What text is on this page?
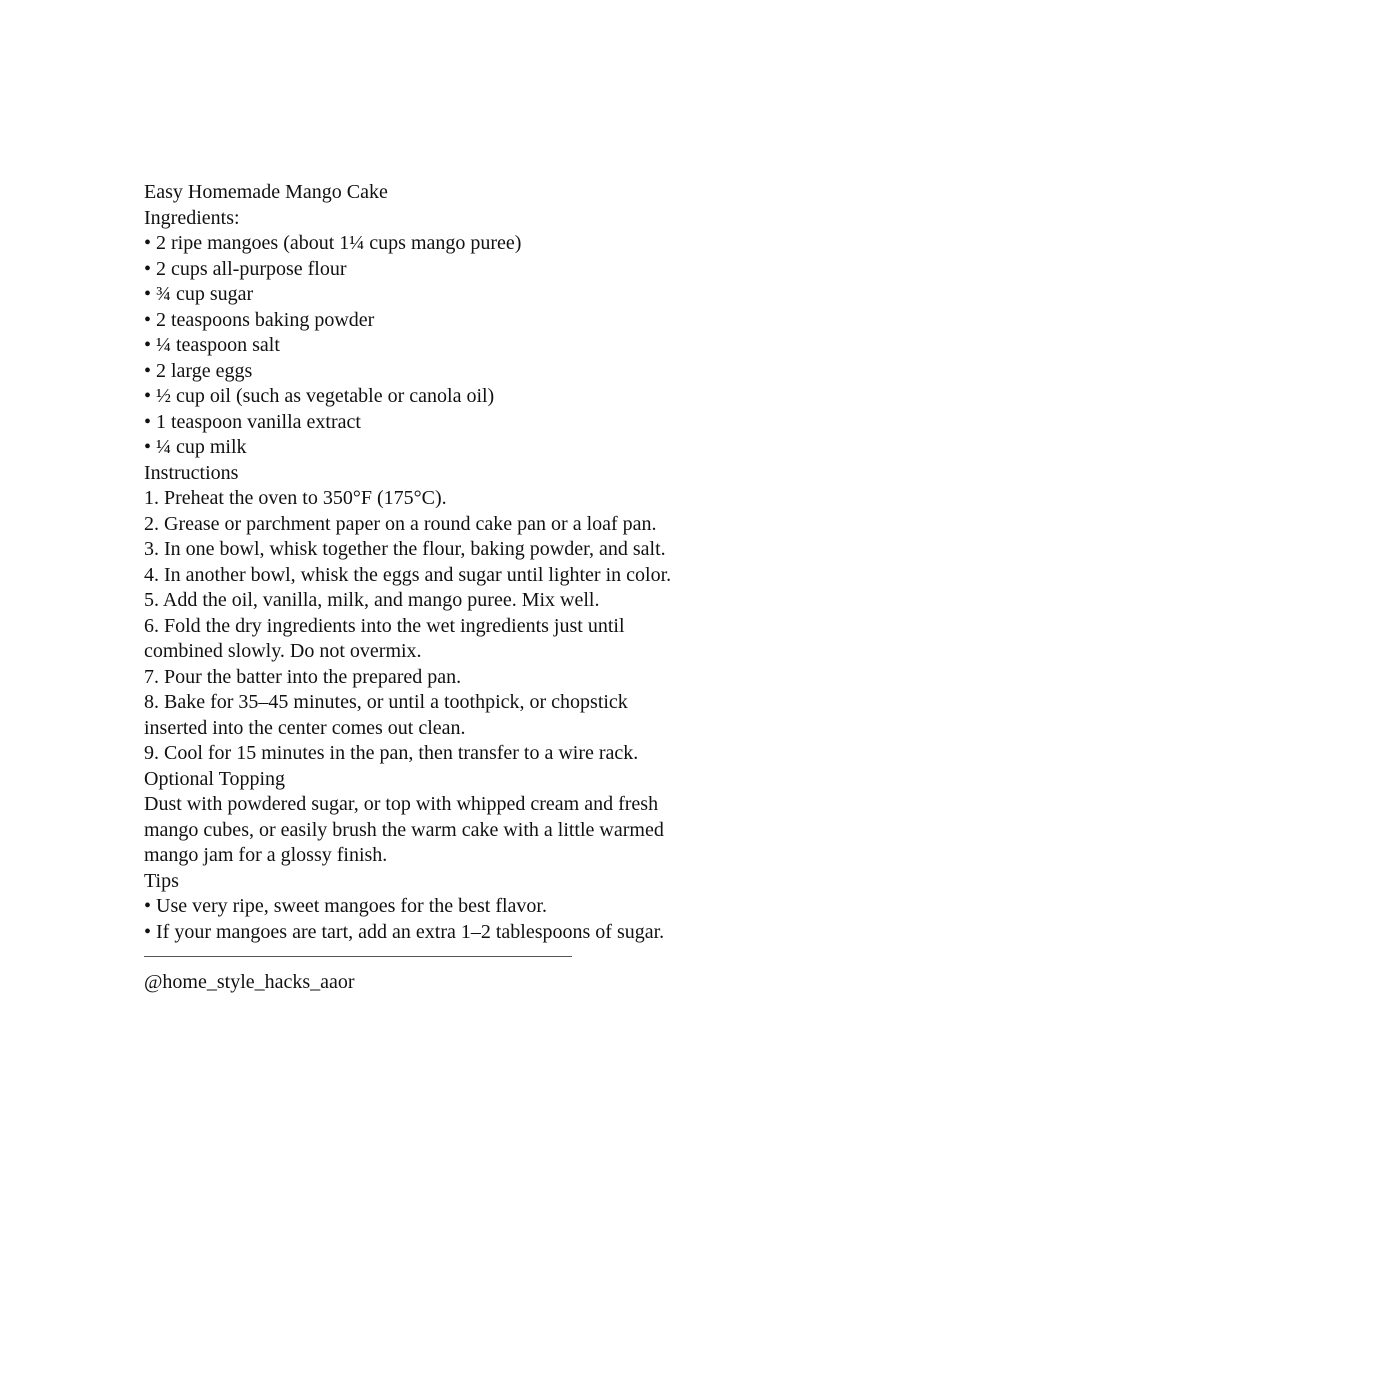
Easy Homemade Mango Cake
Ingredients:
• 2 ripe mangoes (about 1¼ cups mango puree)
• 2 cups all-purpose flour
• ¾ cup sugar
• 2 teaspoons baking powder
• ¼ teaspoon salt
• 2 large eggs
• ½ cup oil (such as vegetable or canola oil)
• 1 teaspoon vanilla extract
• ¼ cup milk
Instructions
1. Preheat the oven to 350°F (175°C).
2. Grease or parchment paper on a round cake pan or a loaf pan.
3. In one bowl, whisk together the flour, baking powder, and salt.
4. In another bowl, whisk the eggs and sugar until lighter in color.
5. Add the oil, vanilla, milk, and mango puree. Mix well.
6. Fold the dry ingredients into the wet ingredients just until combined slowly. Do not overmix.
7. Pour the batter into the prepared pan.
8. Bake for 35–45 minutes, or until a toothpick, or chopstick inserted into the center comes out clean.
9. Cool for 15 minutes in the pan, then transfer to a wire rack.
Optional Topping
Dust with powdered sugar, or top with whipped cream and fresh mango cubes, or easily brush the warm cake with a little warmed mango jam for a glossy finish.
Tips
• Use very ripe, sweet mangoes for the best flavor.
• If your mangoes are tart, add an extra 1–2 tablespoons of sugar.
@home_style_hacks_aaor
